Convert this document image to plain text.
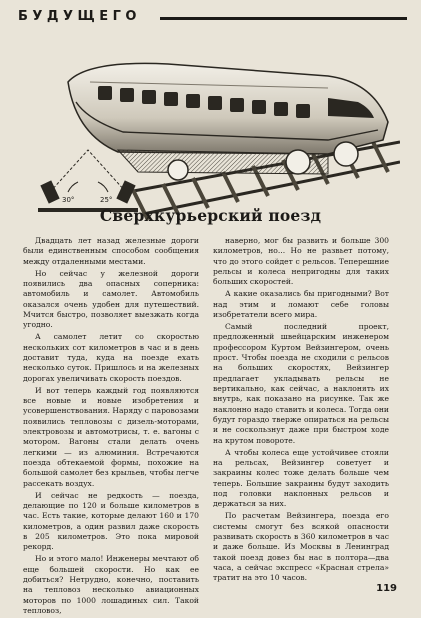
БУДУЩЕГО
30°	25°
Сверхкурьерский поезд

Двадцать лет назад железные дороги были единственным способом сообщения между отдаленными местами.

Но сейчас у железной дороги появились два опасных соперника: автомобиль и самолет. Автомобиль оказался очень удобен для путешествий. Мчится быстро, позволяет выезжать когда угодно.

А самолет летит со скоростью нескольких сот километров в час и в день доставит туда, куда на поезде ехать несколько суток. Пришлось и на железных дорогах увеличивать скорость поездов.

И вот теперь каждый год появляются все новые и новые изобретения и усовершенствования. Наряду с паровозами появились тепловозы с дизель-моторами, электровозы и автомотрисы, т. е. вагоны с мотором. Вагоны стали делать очень легкими — из алюминия. Встречаются поезда обтекаемой формы, похожие на большой самолет без крыльев, чтобы легче рассекать воздух.

И сейчас не редкость — поезда, делающие по 120 и больше километров в час. Есть такие, которые делают 160 и 170 километров, а один развил даже скорость в 205 километров. Это пока мировой рекорд.

Но и этого мало! Инженеры мечтают об еще большей скорости. Но как ее добиться? Нетрудно, конечно, поставить на тепловоз несколько авиационных моторов по 1000 лошадиных сил. Такой тепловоз,

наверно, мог бы развить и больше 300 километров, но... Но не развьет потому, что до этого сойдет с рельсов. Теперешние рельсы и колеса непригодны для таких больших скоростей.

А какие оказались бы пригодными? Вот над этим и ломают себе головы изобретатели всего мира.

Самый последний проект, предложенный швейцарским инженером профессором Куртом Вейзингером, очень прост. Чтобы поезда не сходили с рельсов на больших скоростях, Вейзингер предлагает укладывать рельсы не вертикально, как сейчас, а наклонять их внутрь, как показано на рисунке. Так же наклонно надо ставить и колеса. Тогда они будут гораздо тверже опираться на рельсы и не соскользнут даже при быстром ходе на крутом повороте.

А чтобы колеса еще устойчивее стояли на рельсах, Вейзингер советует и закраины колес тоже делать больше чем теперь. Большие закраины будут заходить под головки наклонных рельсов и держаться за них.

По расчетам Вейзингера, поезда его системы смогут без всякой опасности развивать скорость в 360 километров в час и даже больше. Из Москвы в Ленинград такой поезд довез бы нас в полтора—два часа, а сейчас экспресс «Красная стрела» тратит на это 10 часов.

119
